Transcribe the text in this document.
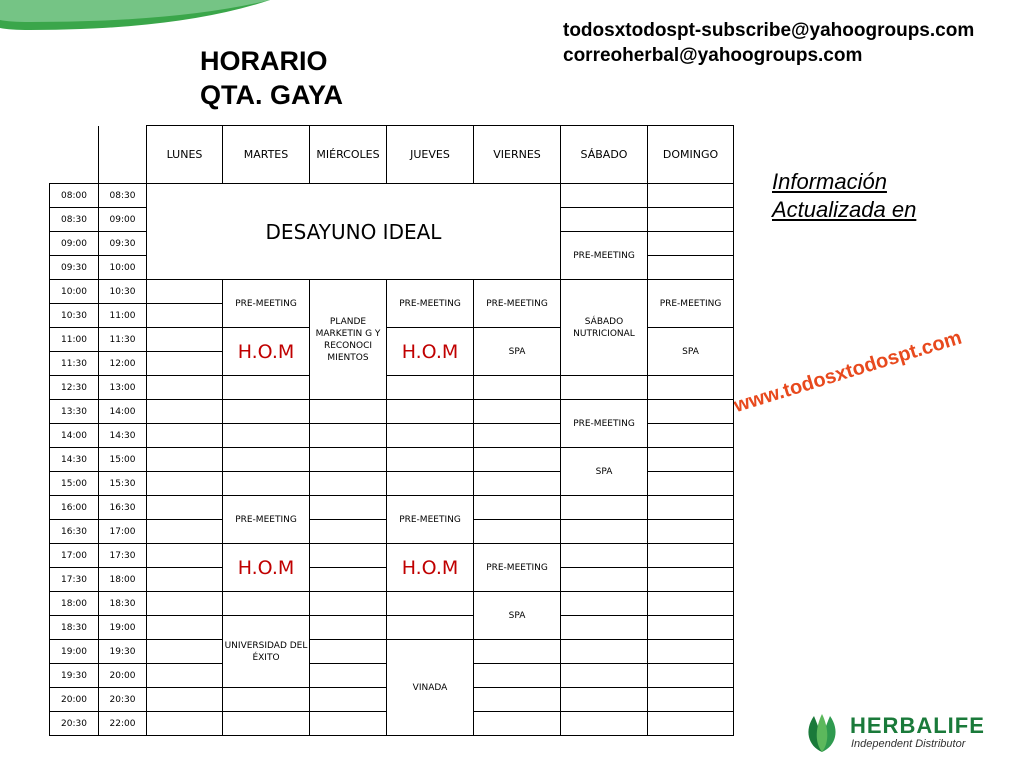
HORARIO
QTA. GAYA
todosxtodospt-subscribe@yahoogroups.com
correoherbal@yahoogroups.com
Información
Actualizada en
www.todosxtodospt.com
HERBALIFE
Independent Distributor
		LUNES	MARTES	MIÉRCOLES	JUEVES	VIERNES	SÁBADO	DOMINGO
08:00	08:30	DESAYUNO IDEAL						
08:30	09:00							
09:00	09:30						PRE-MEETING	
09:30	10:00							
10:00	10:30		PRE-MEETING	PLANDE MARKETIN G Y RECONOCI MIENTOS	PRE-MEETING	PRE-MEETING	SÁBADO NUTRICIONAL	PRE-MEETING
10:30	11:00							
11:00	11:30		H.O.M		H.O.M	SPA		SPA
11:30	12:00							
12:30	13:00							
13:30	14:00						PRE-MEETING	
14:00	14:30							
14:30	15:00						SPA	
15:00	15:30							
16:00	16:30		PRE-MEETING		PRE-MEETING			
16:30	17:00							
17:00	17:30		H.O.M		H.O.M	PRE-MEETING		
17:30	18:00							
18:00	18:30					SPA		
18:30	19:00		UNIVERSIDAD DEL ÉXITO					
19:00	19:30				VINADA			
19:30	20:00							
20:00	20:30							
20:30	22:00							
